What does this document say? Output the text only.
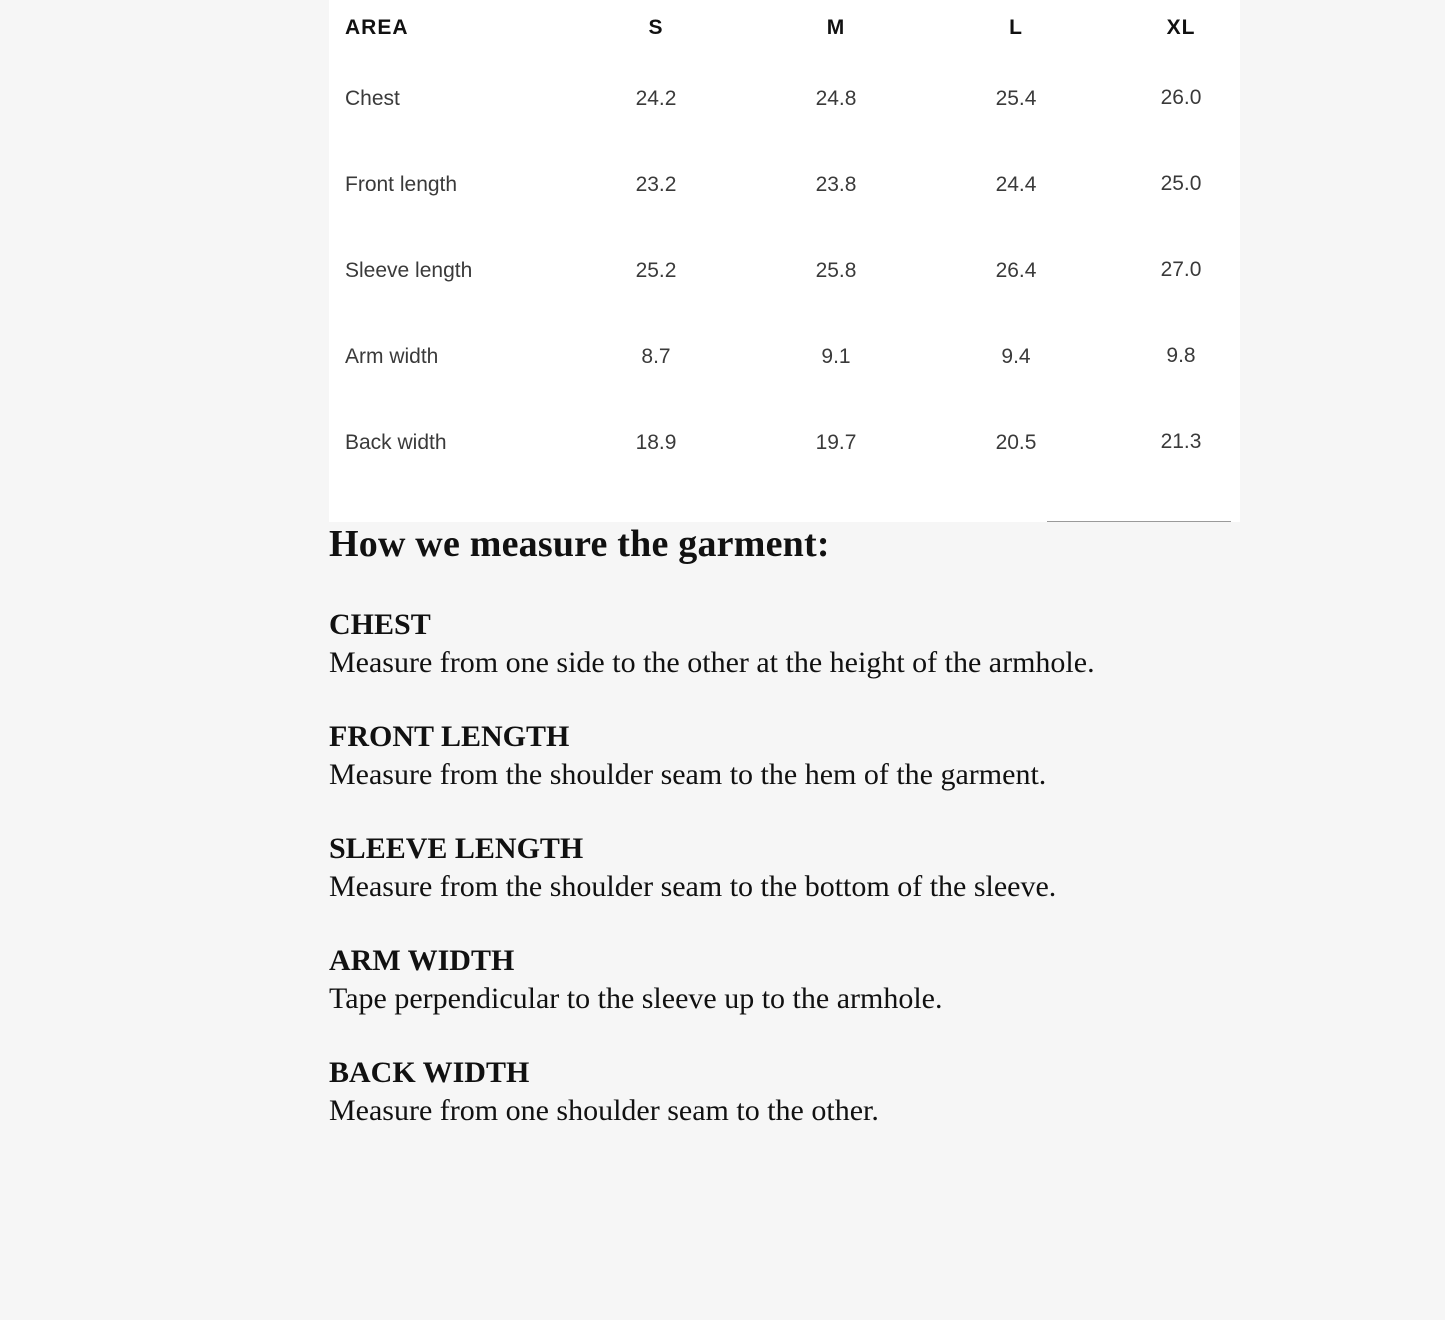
AREA	S	M	L	XL
Chest	24.2	24.8	25.4	26.0
Front length	23.2	23.8	24.4	25.0
Sleeve length	25.2	25.8	26.4	27.0
Arm width	8.7	9.1	9.4	9.8
Back width	18.9	19.7	20.5	21.3
How we measure the garment:
CHEST
Measure from one side to the other at the height of the armhole.
FRONT LENGTH
Measure from the shoulder seam to the hem of the garment.
SLEEVE LENGTH
Measure from the shoulder seam to the bottom of the sleeve.
ARM WIDTH
Tape perpendicular to the sleeve up to the armhole.
BACK WIDTH
Measure from one shoulder seam to the other.
